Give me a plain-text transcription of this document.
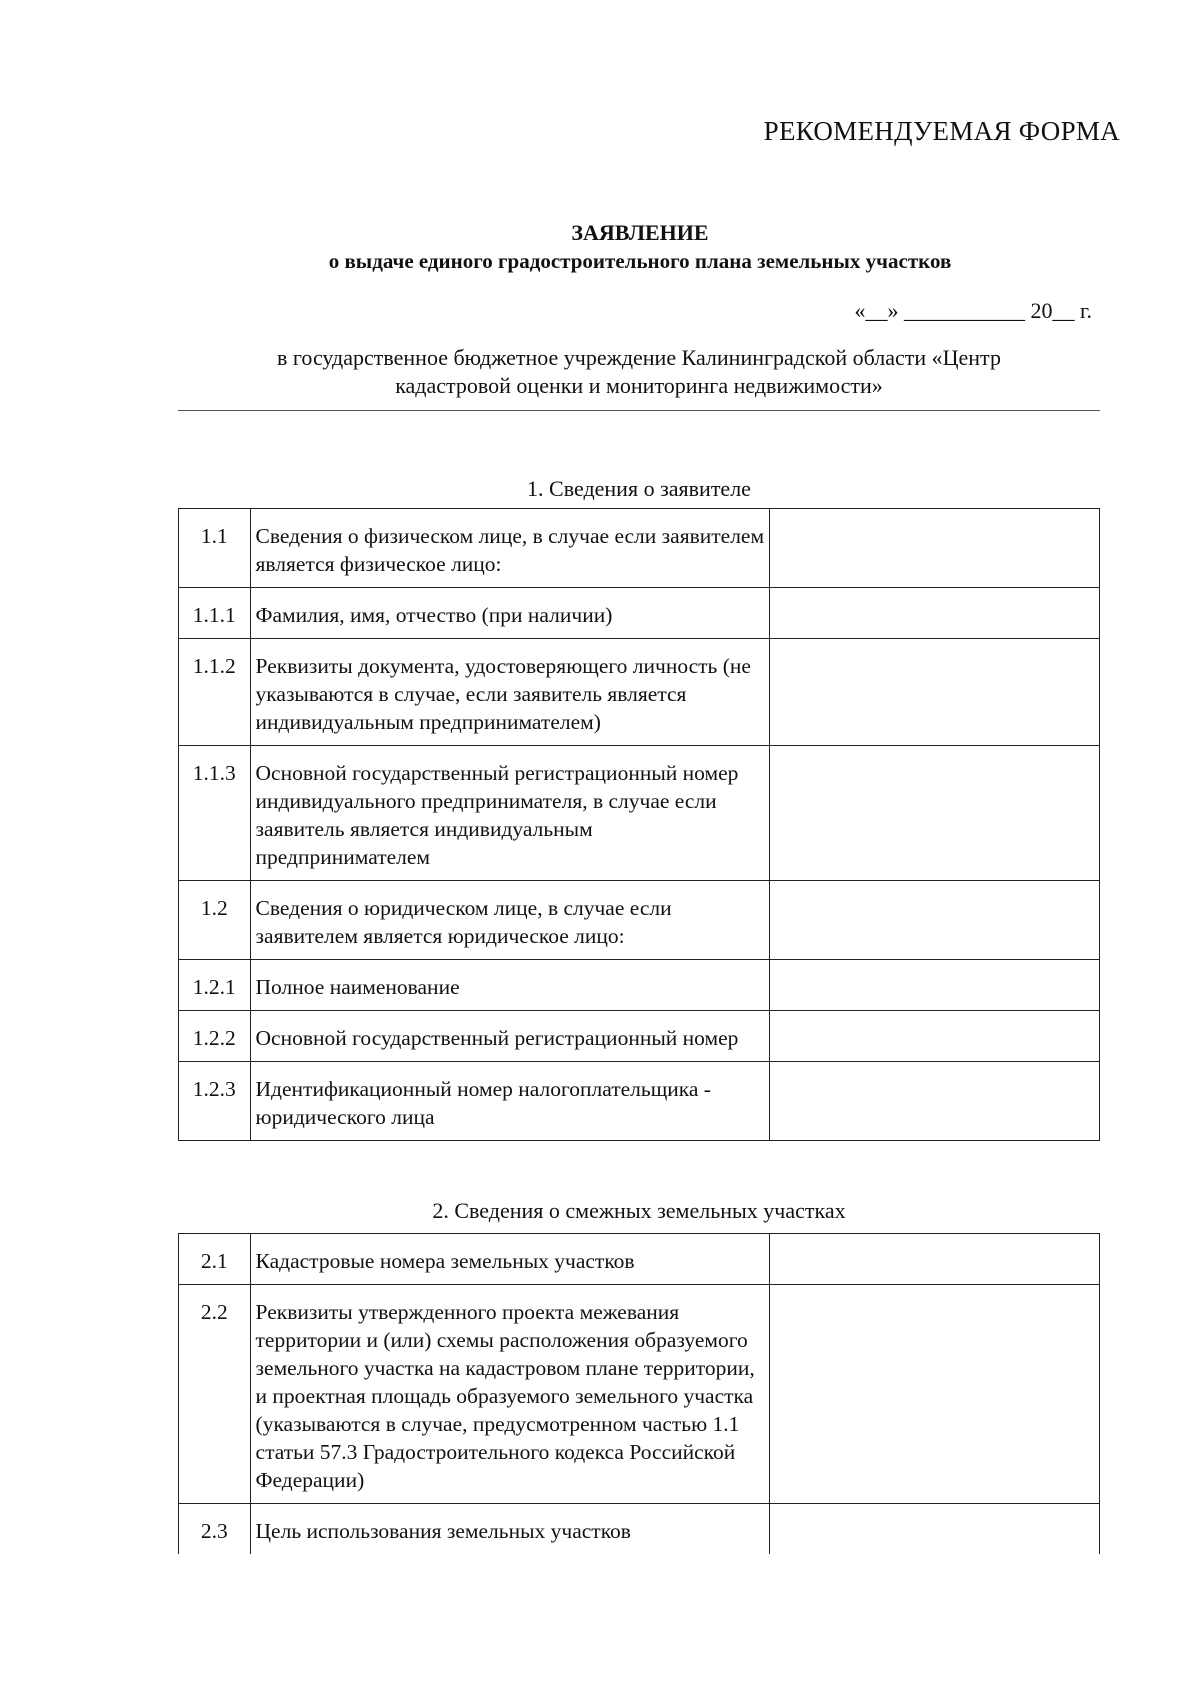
РЕКОМЕНДУЕМАЯ ФОРМА
ЗАЯВЛЕНИЕ
о выдаче единого градостроительного плана земельных участков
«__» ___________ 20__ г.
в государственное бюджетное учреждение Калининградской области «Центр
кадастровой оценки и мониторинга недвижимости»
1. Сведения о заявителе
1.1	Сведения о физическом лице, в случае если заявителем является физическое лицо:	
1.1.1	Фамилия, имя, отчество (при наличии)	
1.1.2	Реквизиты документа, удостоверяющего личность (не указываются в случае, если заявитель является индивидуальным предпринимателем)	
1.1.3	Основной государственный регистрационный номер индивидуального предпринимателя, в случае если заявитель является индивидуальным предпринимателем	
1.2	Сведения о юридическом лице, в случае если заявителем является юридическое лицо:	
1.2.1	Полное наименование	
1.2.2	Основной государственный регистрационный номер	
1.2.3	Идентификационный номер налогоплательщика - юридического лица	
2. Сведения о смежных земельных участках
2.1	Кадастровые номера земельных участков	
2.2	Реквизиты утвержденного проекта межевания территории и (или) схемы расположения образуемого земельного участка на кадастровом плане территории, и проектная площадь образуемого земельного участка (указываются в случае, предусмотренном частью 1.1 статьи 57.3 Градостроительного кодекса Российской Федерации)	
2.3	Цель использования земельных участков	
